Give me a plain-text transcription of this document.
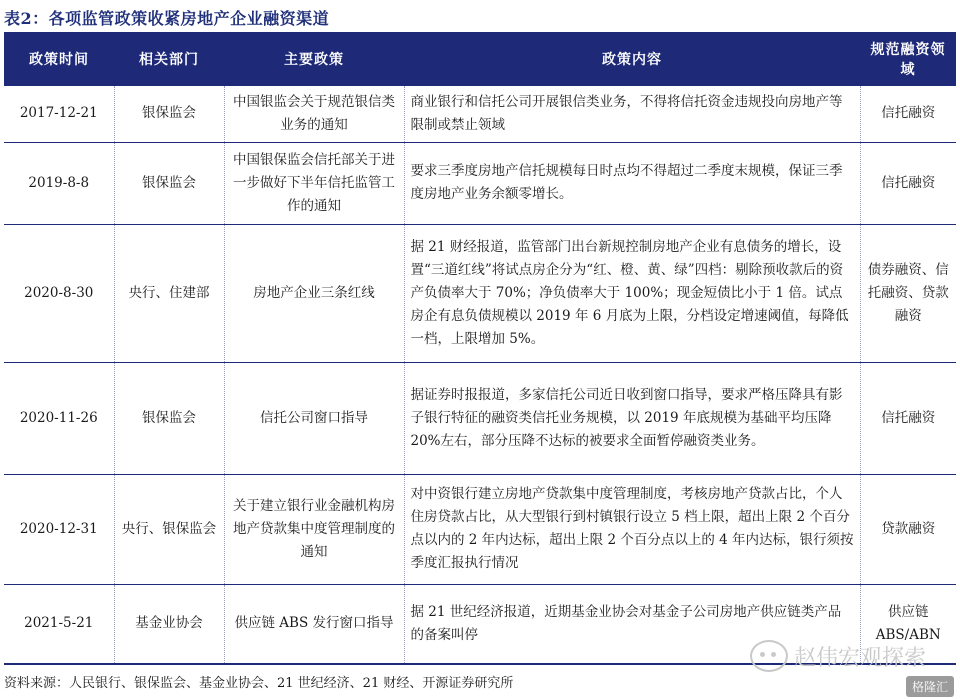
表2：各项监管政策收紧房地产企业融资渠道
政策时间	相关部门	主要政策	政策内容	规范融资领域
2017-12-21	银保监会	中国银监会关于规范银信类业务的通知	商业银行和信托公司开展银信类业务，不得将信托资金违规投向房地产等限制或禁止领域	信托融资
2019-8-8	银保监会	中国银保监会信托部关于进一步做好下半年信托监管工作的通知	要求三季度房地产信托规模每日时点均不得超过二季度末规模，保证三季度房地产业务余额零增长。	信托融资
2020-8-30	央行、住建部	房地产企业三条红线	据 21 财经报道，监管部门出台新规控制房地产企业有息债务的增长，设置“三道红线”将试点房企分为“红、橙、黄、绿”四档：剔除预收款后的资产负债率大于 70%；净负债率大于 100%；现金短债比小于 1 倍。试点房企有息负债规模以 2019 年 6 月底为上限，分档设定增速阈值，每降低一档，上限增加 5%。	债券融资、信托融资、贷款融资
2020-11-26	银保监会	信托公司窗口指导	据证券时报报道，多家信托公司近日收到窗口指导，要求严格压降具有影子银行特征的融资类信托业务规模，以 2019 年底规模为基础平均压降 20%左右，部分压降不达标的被要求全面暂停融资类业务。	信托融资
2020-12-31	央行、银保监会	关于建立银行业金融机构房地产贷款集中度管理制度的通知	对中资银行建立房地产贷款集中度管理制度，考核房地产贷款占比，个人住房贷款占比，从大型银行到村镇银行设立 5 档上限，超出上限 2 个百分点以内的 2 年内达标，超出上限 2 个百分点以上的 4 年内达标，银行须按季度汇报执行情况	贷款融资
2021-5-21	基金业协会	供应链 ABS 发行窗口指导	据 21 世纪经济报道，近期基金业协会对基金子公司房地产供应链类产品的备案叫停	供应链ABS/ABN
赵伟宏观探索
资料来源：人民银行、银保监会、基金业协会、21 世纪经济、21 财经、开源证券研究所	格隆汇
